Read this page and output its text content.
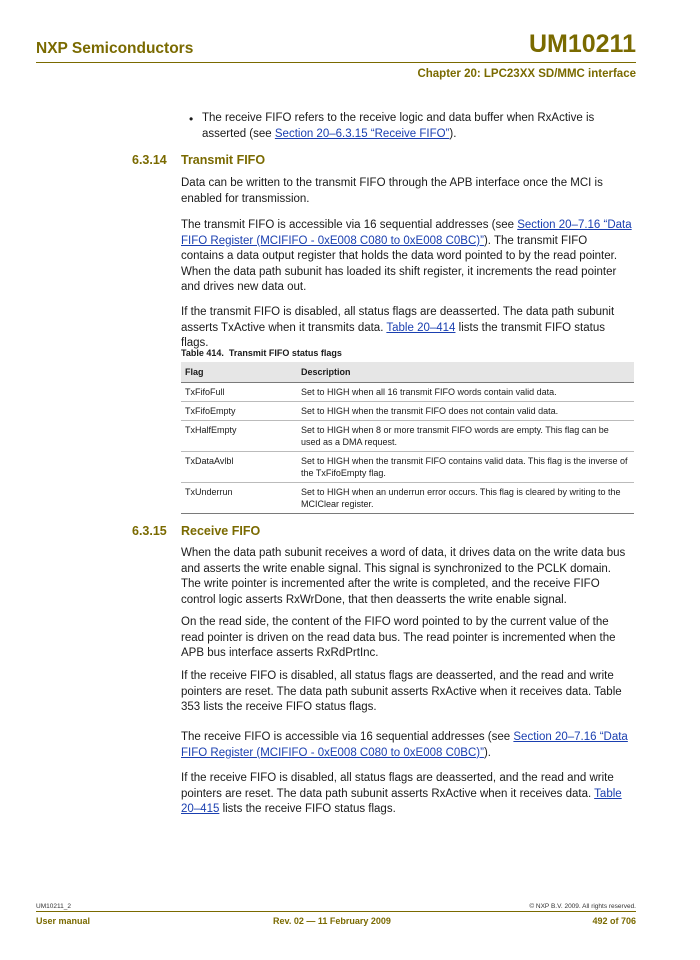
NXP Semiconductors	UM10211
Chapter 20: LPC23XX SD/MMC interface
• The receive FIFO refers to the receive logic and data buffer when RxActive is asserted (see Section 20–6.3.15 “Receive FIFO”).
6.3.14 Transmit FIFO
Data can be written to the transmit FIFO through the APB interface once the MCI is enabled for transmission.
The transmit FIFO is accessible via 16 sequential addresses (see Section 20–7.16 “Data FIFO Register (MCIFIFO - 0xE008 C080 to 0xE008 C0BC)”). The transmit FIFO contains a data output register that holds the data word pointed to by the read pointer. When the data path subunit has loaded its shift register, it increments the read pointer and drives new data out.
If the transmit FIFO is disabled, all status flags are deasserted. The data path subunit asserts TxActive when it transmits data. Table 20–414 lists the transmit FIFO status flags.
Table 414.  Transmit FIFO status flags
Flag	Description
TxFifoFull	Set to HIGH when all 16 transmit FIFO words contain valid data.
TxFifoEmpty	Set to HIGH when the transmit FIFO does not contain valid data.
TxHalfEmpty	Set to HIGH when 8 or more transmit FIFO words are empty. This flag can be used as a DMA request.
TxDataAvlbl	Set to HIGH when the transmit FIFO contains valid data. This flag is the inverse of the TxFifoEmpty flag.
TxUnderrun	Set to HIGH when an underrun error occurs. This flag is cleared by writing to the MCIClear register.
6.3.15 Receive FIFO
When the data path subunit receives a word of data, it drives data on the write data bus and asserts the write enable signal. This signal is synchronized to the PCLK domain. The write pointer is incremented after the write is completed, and the receive FIFO control logic asserts RxWrDone, that then deasserts the write enable signal.
On the read side, the content of the FIFO word pointed to by the current value of the read pointer is driven on the read data bus. The read pointer is incremented when the APB bus interface asserts RxRdPrtInc.
If the receive FIFO is disabled, all status flags are deasserted, and the read and write pointers are reset. The data path subunit asserts RxActive when it receives data. Table 353 lists the receive FIFO status flags.
The receive FIFO is accessible via 16 sequential addresses (see Section 20–7.16 “Data FIFO Register (MCIFIFO - 0xE008 C080 to 0xE008 C0BC)”).
If the receive FIFO is disabled, all status flags are deasserted, and the read and write pointers are reset. The data path subunit asserts RxActive when it receives data. Table 20–415 lists the receive FIFO status flags.
UM10211_2	© NXP B.V. 2009. All rights reserved.
User manual	Rev. 02 — 11 February 2009	492 of 706
